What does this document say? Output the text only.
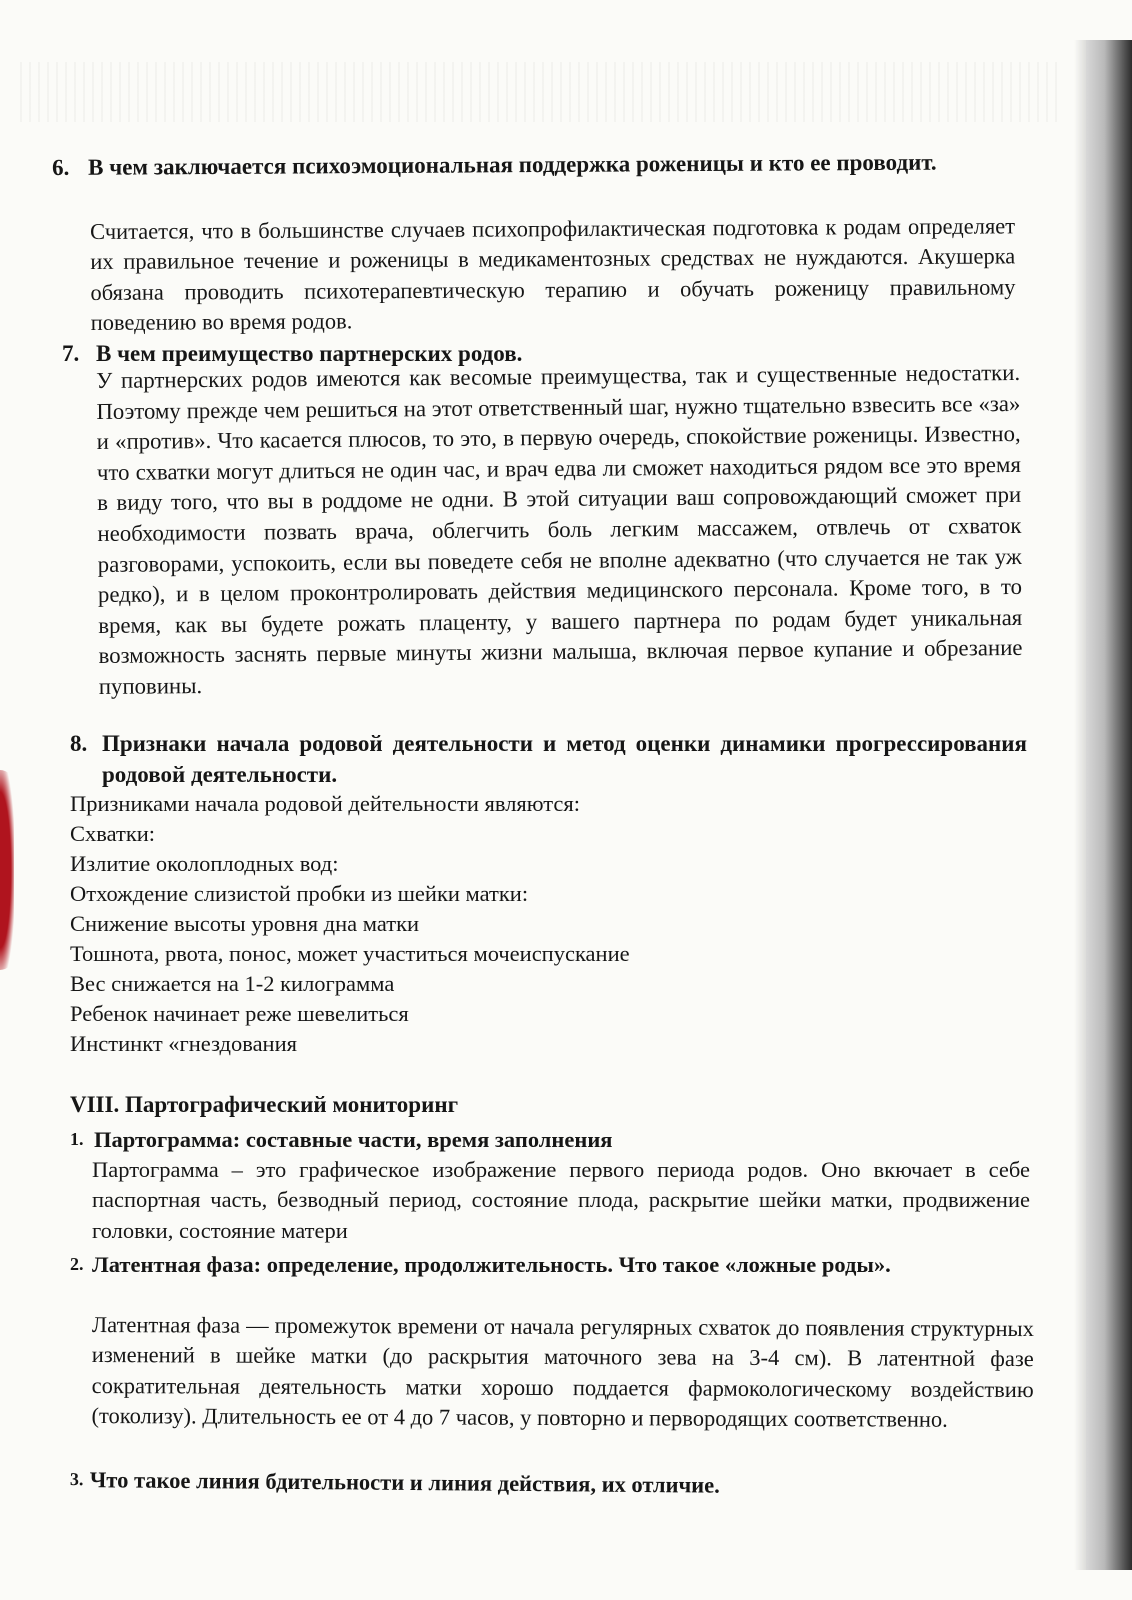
6. В чем заключается психоэмоциональная поддержка роженицы и кто ее проводит.
Считается, что в большинстве случаев психопрофилактическая подготовка к родам определяет их правильное течение и роженицы в медикаментозных средствах не нуждаются. Акушерка обязана проводить психотерапевтическую терапию и обучать роженицу правильному поведению во время родов.
7. В чем преимущество партнерских родов.
У партнерских родов имеются как весомые преимущества, так и существенные недостатки. Поэтому прежде чем решиться на этот ответственный шаг, нужно тщательно взвесить все «за» и «против». Что касается плюсов, то это, в первую очередь, спокойствие роженицы. Известно, что схватки могут длиться не один час, и врач едва ли сможет находиться рядом все это время в виду того, что вы в роддоме не одни. В этой ситуации ваш сопровождающий сможет при необходимости позвать врача, облегчить боль легким массажем, отвлечь от схваток разговорами, успокоить, если вы поведете себя не вполне адекватно (что случается не так уж редко), и в целом проконтролировать действия медицинского персонала. Кроме того, в то время, как вы будете рожать плаценту, у вашего партнера по родам будет уникальная возможность заснять первые минуты жизни малыша, включая первое купание и обрезание пуповины.
8. Признаки начала родовой деятельности и метод оценки динамики прогрессирования родовой деятельности.
Призниками начала родовой дейтельности являются:
Схватки:
Излитие околоплодных вод:
Отхождение слизистой пробки из шейки матки:
Снижение высоты уровня дна матки
Тошнота, рвота, понос, может участиться мочеиспускание
Вес снижается на 1-2 килограмма
Ребенок начинает реже шевелиться
Инстинкт «гнездования
VIII. Партографический мониторинг
1. Партограмма: составные части, время заполнения
Партограмма – это графическое изображение первого периода родов. Оно вкючает в себе паспортная часть, безводный период, состояние плода, раскрытие шейки матки, продвижение головки, состояние матери
2. Латентная фаза: определение, продолжительность. Что такое «ложные роды».
Латентная фаза — промежуток времени от начала регулярных схваток до появления структурных изменений в шейке матки (до раскрытия маточного зева на 3-4 см). В латентной фазе сократительная деятельность матки хорошо поддается фармокологическому воздействию (токолизу). Длительность ее от 4 до 7 часов, у повторно и первородящих соответственно.
3. Что такое линия бдительности и линия действия, их отличие.
